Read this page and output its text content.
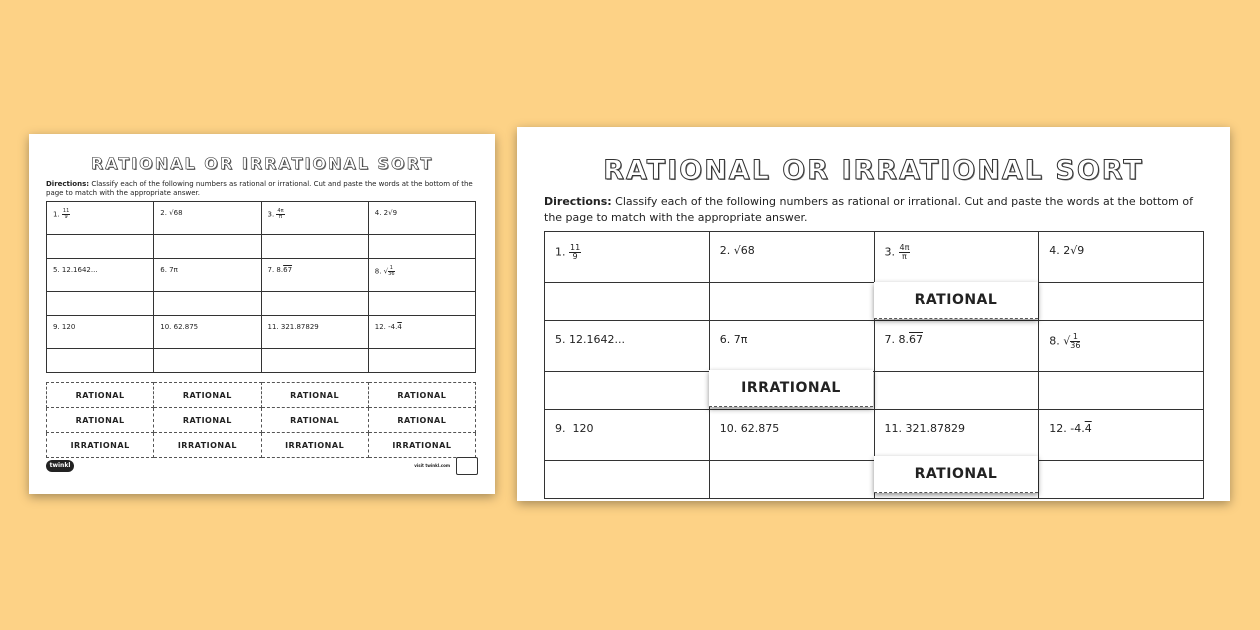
RATIONAL OR IRRATIONAL SORT
Directions: Classify each of the following numbers as rational or irrational. Cut and paste the words at the bottom of the page to match with the appropriate answer.
1. $\frac{11}{9}$	2. √68	3. $\frac{4\pi}{\pi}$	4. 2√9

5. 12.1642...	6. 7π	7. 8.67	8. √ $\frac{1}{36}$

9. 120	10. 62.875	11. 321.87829	12. -4.4

RATIONAL	RATIONAL	RATIONAL	RATIONAL
RATIONAL	RATIONAL	RATIONAL	RATIONAL
IRRATIONAL	IRRATIONAL	IRRATIONAL	IRRATIONAL
twinkl	visit twinkl.com
RATIONAL OR IRRATIONAL SORT
Directions: Classify each of the following numbers as rational or irrational. Cut and paste the words at the bottom of the page to match with the appropriate answer.
1. $\frac{11}{9}$	2. √68	3. $\frac{4\pi}{\pi}$	4. 2√9

5. 12.1642...	6. 7π	7. 8.67	8. √ $\frac{1}{36}$

9. 120	10. 62.875	11. 321.87829	12. -4.4

RATIONAL
IRRATIONAL
RATIONAL
